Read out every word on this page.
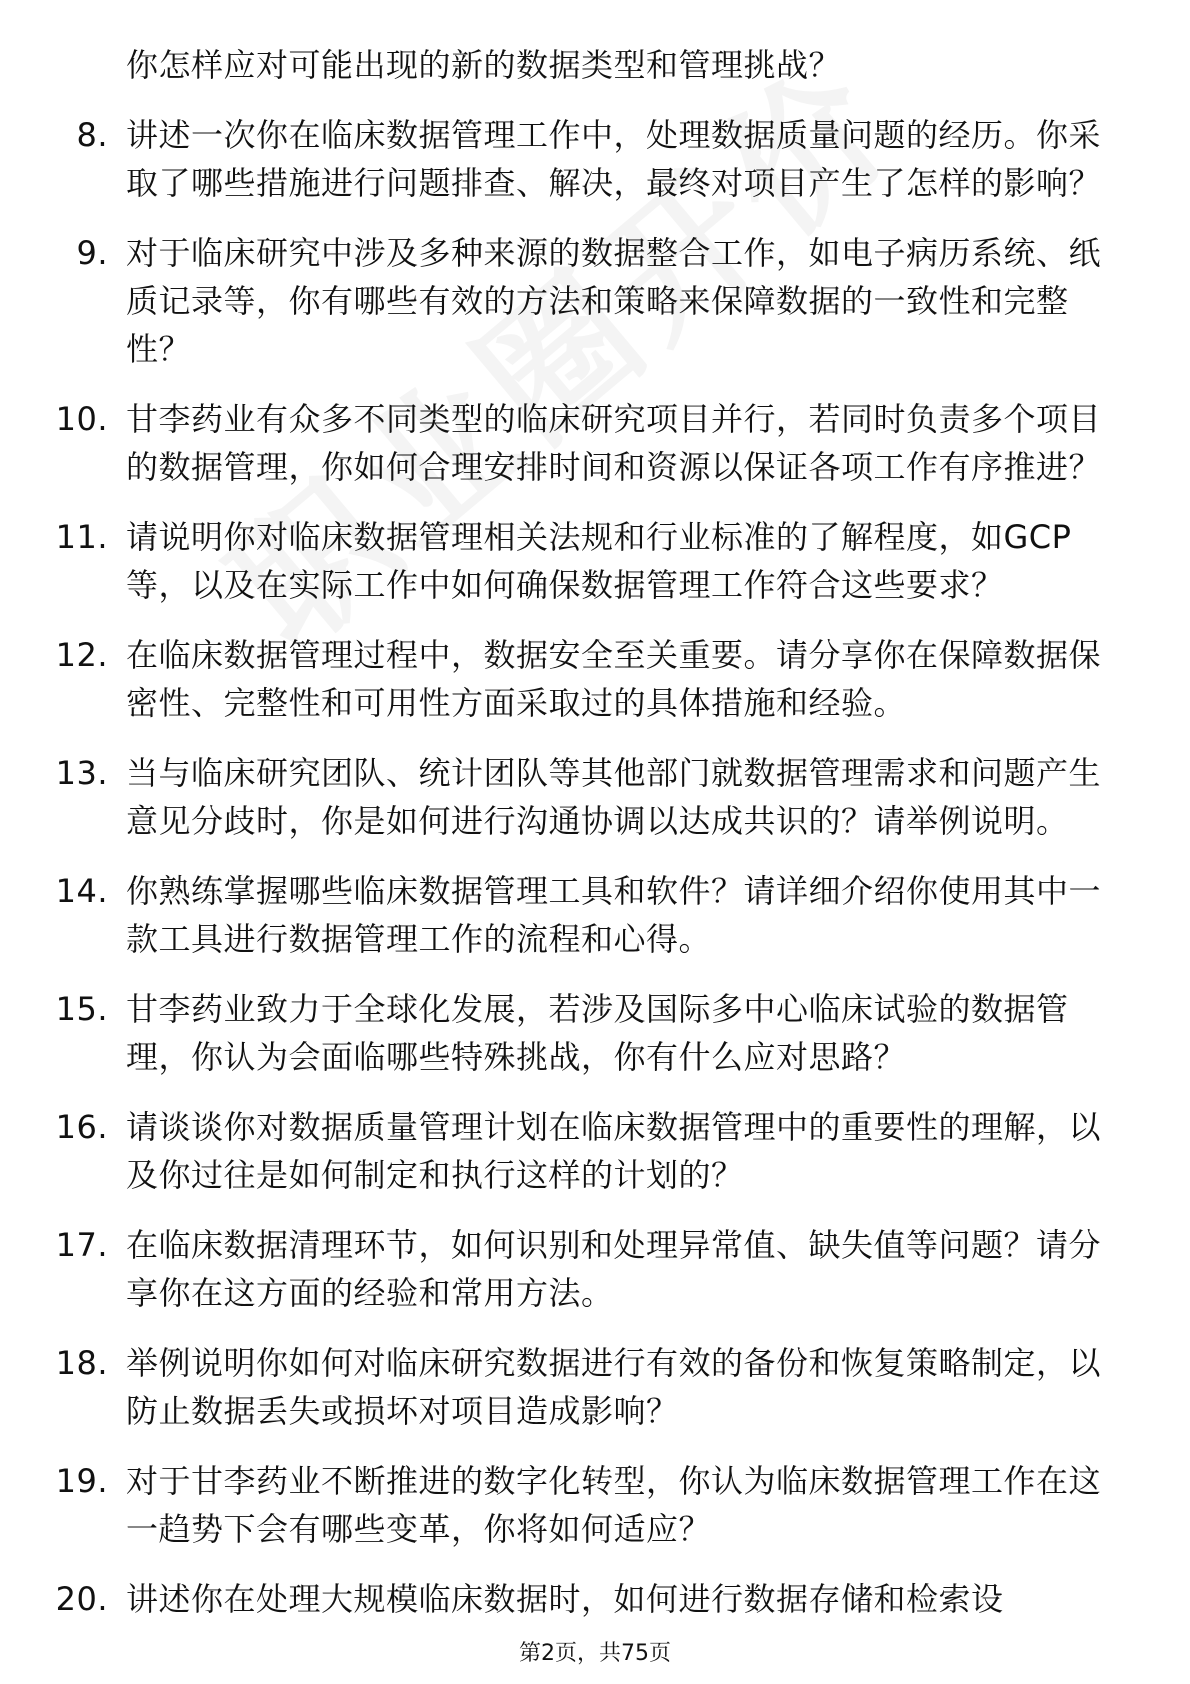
你怎样应对可能出现的新的数据类型和管理挑战？
8. 讲述一次你在临床数据管理工作中，处理数据质量问题的经历。你采取了哪些措施进行问题排查、解决，最终对项目产生了怎样的影响？
9. 对于临床研究中涉及多种来源的数据整合工作，如电子病历系统、纸质记录等，你有哪些有效的方法和策略来保障数据的一致性和完整性？
10. 甘李药业有众多不同类型的临床研究项目并行，若同时负责多个项目的数据管理，你如何合理安排时间和资源以保证各项工作有序推进？
11. 请说明你对临床数据管理相关法规和行业标准的了解程度，如GCP等，以及在实际工作中如何确保数据管理工作符合这些要求？
12. 在临床数据管理过程中，数据安全至关重要。请分享你在保障数据保密性、完整性和可用性方面采取过的具体措施和经验。
13. 当与临床研究团队、统计团队等其他部门就数据管理需求和问题产生意见分歧时，你是如何进行沟通协调以达成共识的？请举例说明。
14. 你熟练掌握哪些临床数据管理工具和软件？请详细介绍你使用其中一款工具进行数据管理工作的流程和心得。
15. 甘李药业致力于全球化发展，若涉及国际多中心临床试验的数据管理，你认为会面临哪些特殊挑战，你有什么应对思路？
16. 请谈谈你对数据质量管理计划在临床数据管理中的重要性的理解，以及你过往是如何制定和执行这样的计划的？
17. 在临床数据清理环节，如何识别和处理异常值、缺失值等问题？请分享你在这方面的经验和常用方法。
18. 举例说明你如何对临床研究数据进行有效的备份和恢复策略制定，以防止数据丢失或损坏对项目造成影响？
19. 对于甘李药业不断推进的数字化转型，你认为临床数据管理工作在这一趋势下会有哪些变革，你将如何适应？
20. 讲述你在处理大规模临床数据时，如何进行数据存储和检索设
第2页，共75页
